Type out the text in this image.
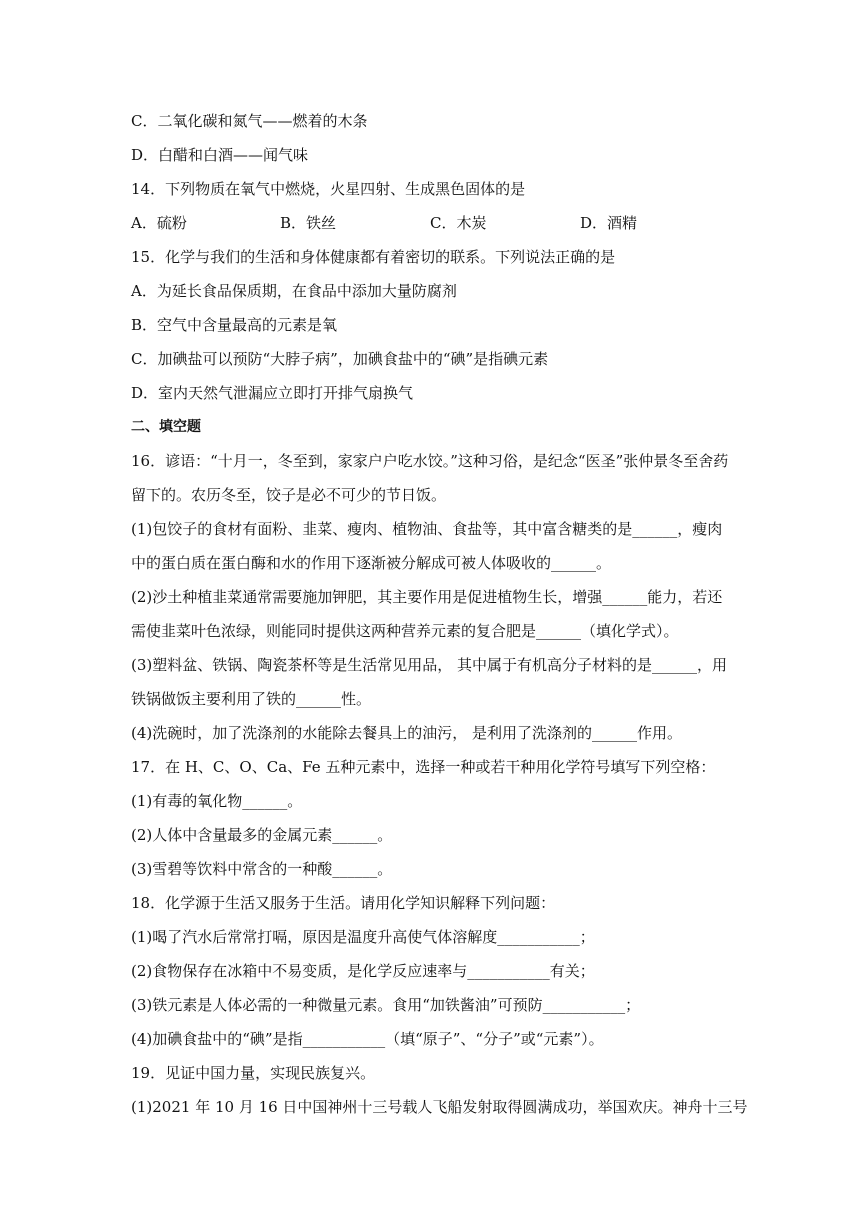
C．二氧化碳和氮气——燃着的木条
D．白醋和白酒——闻气味
14．下列物质在氧气中燃烧，火星四射、生成黑色固体的是
A．硫粉	B．铁丝	C．木炭	D．酒精
15．化学与我们的生活和身体健康都有着密切的联系。下列说法正确的是
A．为延长食品保质期，在食品中添加大量防腐剂
B．空气中含量最高的元素是氧
C．加碘盐可以预防“大脖子病”，加碘食盐中的“碘”是指碘元素
D．室内天然气泄漏应立即打开排气扇换气
二、填空题
16．谚语：“十月一，冬至到，家家户户吃水饺。”这种习俗，是纪念“医圣”张仲景冬至舍药
留下的。农历冬至，饺子是必不可少的节日饭。
(1)包饺子的食材有面粉、韭菜、瘦肉、植物油、食盐等，其中富含糖类的是______，瘦肉
中的蛋白质在蛋白酶和水的作用下逐渐被分解成可被人体吸收的______。
(2)沙土种植韭菜通常需要施加钾肥，其主要作用是促进植物生长，增强______能力，若还
需使韭菜叶色浓绿，则能同时提供这两种营养元素的复合肥是______（填化学式）。
(3)塑料盆、铁锅、陶瓷茶杯等是生活常见用品， 其中属于有机高分子材料的是______，用
铁锅做饭主要利用了铁的______性。
(4)洗碗时，加了洗涤剂的水能除去餐具上的油污， 是利用了洗涤剂的______作用。
17．在 H、C、O、Ca、Fe 五种元素中，选择一种或若干种用化学符号填写下列空格：
(1)有毒的氧化物______。
(2)人体中含量最多的金属元素______。
(3)雪碧等饮料中常含的一种酸______。
18．化学源于生活又服务于生活。请用化学知识解释下列问题：
(1)喝了汽水后常常打嗝，原因是温度升高使气体溶解度___________；
(2)食物保存在冰箱中不易变质，是化学反应速率与___________有关；
(3)铁元素是人体必需的一种微量元素。食用“加铁酱油”可预防___________；
(4)加碘食盐中的“碘”是指___________（填“原子”、“分子”或“元素”）。
19．见证中国力量，实现民族复兴。
(1)2021 年 10 月 16 日中国神州十三号载人飞船发射取得圆满成功，举国欢庆。神舟十三号
